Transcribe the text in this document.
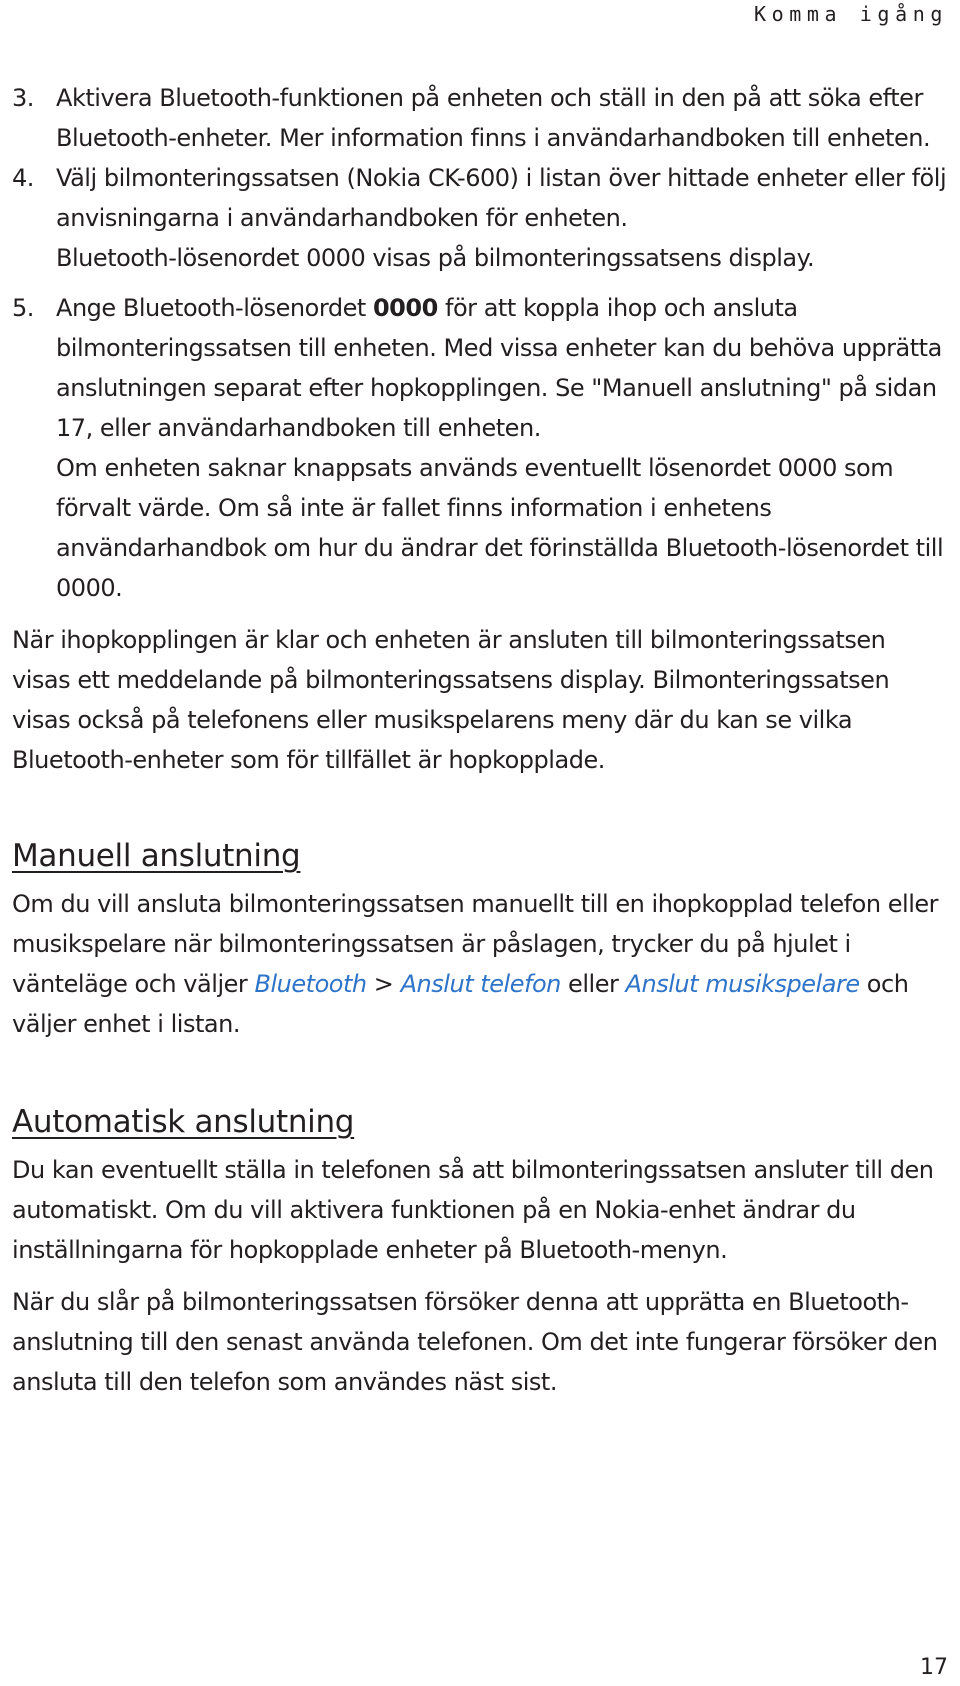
Komma igång
3. Aktivera Bluetooth-funktionen på enheten och ställ in den på att söka efter Bluetooth-enheter. Mer information finns i användarhandboken till enheten.

4. Välj bilmonteringssatsen (Nokia CK-600) i listan över hittade enheter eller följ anvisningarna i användarhandboken för enheten.

Bluetooth-lösenordet 0000 visas på bilmonteringssatsens display.

5. Ange Bluetooth-lösenordet 0000 för att koppla ihop och ansluta bilmonteringssatsen till enheten. Med vissa enheter kan du behöva upprätta anslutningen separat efter hopkopplingen. Se "Manuell anslutning" på sidan 17, eller användarhandboken till enheten.

Om enheten saknar knappsats används eventuellt lösenordet 0000 som förvalt värde. Om så inte är fallet finns information i enhetens användarhandbok om hur du ändrar det förinställda Bluetooth-lösenordet till 0000.

När ihopkopplingen är klar och enheten är ansluten till bilmonteringssatsen visas ett meddelande på bilmonteringssatsens display. Bilmonteringssatsen visas också på telefonens eller musikspelarens meny där du kan se vilka Bluetooth-enheter som för tillfället är hopkopplade.

Manuell anslutning

Om du vill ansluta bilmonteringssatsen manuellt till en ihopkopplad telefon eller musikspelare när bilmonteringssatsen är påslagen, trycker du på hjulet i vänteläge och väljer Bluetooth > Anslut telefon eller Anslut musikspelare och väljer enhet i listan.

Automatisk anslutning

Du kan eventuellt ställa in telefonen så att bilmonteringssatsen ansluter till den automatiskt. Om du vill aktivera funktionen på en Nokia-enhet ändrar du inställningarna för hopkopplade enheter på Bluetooth-menyn.

När du slår på bilmonteringssatsen försöker denna att upprätta en Bluetooth-anslutning till den senast använda telefonen. Om det inte fungerar försöker den ansluta till den telefon som användes näst sist.

17
